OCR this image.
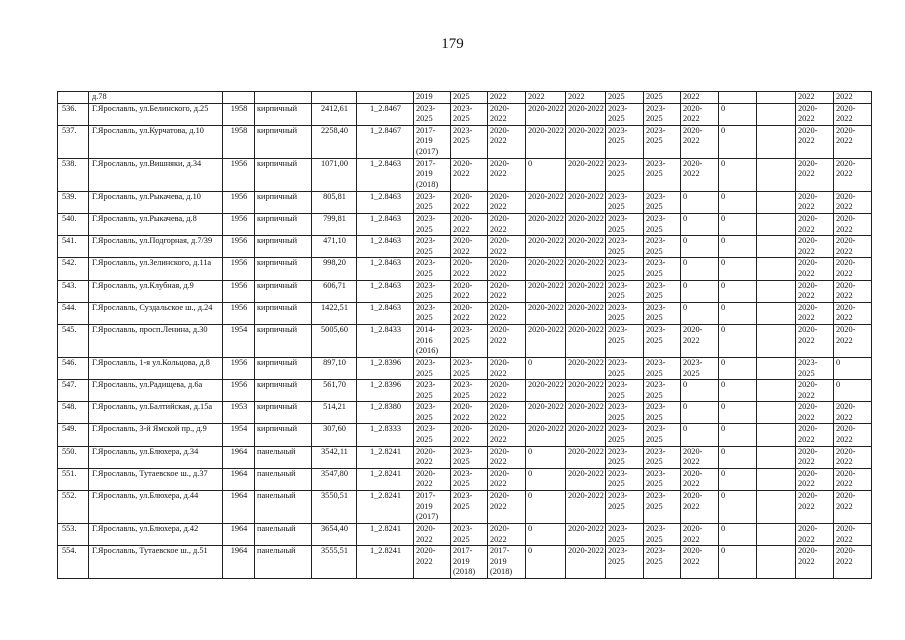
179
	д.78					2019	2025	2022	2022	2022	2025	2025	2022			2022	2022
536.	Г.Ярославль, ул.Белинского, д.25	1958	кирпичный	2412,61	1_2.8467	2023-2025	2023-2025	2020-2022	2020-2022	2020-2022	2023-2025	2023-2025	2020-2022	0		2020-2022	2020-2022
537.	Г.Ярославль, ул.Курчатова, д.10	1958	кирпичный	2258,40	1_2.8467	2017-2019 (2017)	2023-2025	2020-2022	2020-2022	2020-2022	2023-2025	2023-2025	2020-2022	0		2020-2022	2020-2022
538.	Г.Ярославль, ул.Вишняки, д.34	1956	кирпичный	1071,00	1_2.8463	2017-2019 (2018)	2020-2022	2020-2022	0	2020-2022	2023-2025	2023-2025	2020-2022	0		2020-2022	2020-2022
539.	Г.Ярославль, ул.Рыкачева, д.10	1956	кирпичный	805,81	1_2.8463	2023-2025	2020-2022	2020-2022	2020-2022	2020-2022	2023-2025	2023-2025	0	0		2020-2022	2020-2022
540.	Г.Ярославль, ул.Рыкачева, д.8	1956	кирпичный	799,81	1_2.8463	2023-2025	2020-2022	2020-2022	2020-2022	2020-2022	2023-2025	2023-2025	0	0		2020-2022	2020-2022
541.	Г.Ярославль, ул.Подгорная, д.7/39	1956	кирпичный	471,10	1_2.8463	2023-2025	2020-2022	2020-2022	2020-2022	2020-2022	2023-2025	2023-2025	0	0		2020-2022	2020-2022
542.	Г.Ярославль, ул.Зелинского, д.11а	1956	кирпичный	998,20	1_2.8463	2023-2025	2020-2022	2020-2022	2020-2022	2020-2022	2023-2025	2023-2025	0	0		2020-2022	2020-2022
543.	Г.Ярославль, ул.Клубная, д.9	1956	кирпичный	606,71	1_2.8463	2023-2025	2020-2022	2020-2022	2020-2022	2020-2022	2023-2025	2023-2025	0	0		2020-2022	2020-2022
544.	Г.Ярославль, Суздальское ш., д.24	1956	кирпичный	1422,51	1_2.8463	2023-2025	2020-2022	2020-2022	2020-2022	2020-2022	2023-2025	2023-2025	0	0		2020-2022	2020-2022
545.	Г.Ярославль, просп.Ленина, д.30	1954	кирпичный	5005,60	1_2.8433	2014-2016 (2016)	2023-2025	2020-2022	2020-2022	2020-2022	2023-2025	2023-2025	2020-2022	0		2020-2022	2020-2022
546.	Г.Ярославль, 1-я ул.Кольцова, д.8	1956	кирпичный	897,10	1_2.8396	2023-2025	2023-2025	2020-2022	0	2020-2022	2023-2025	2023-2025	2023-2025	0		2023-2025	0
547.	Г.Ярославль, ул.Радищева, д.6а	1956	кирпичный	561,70	1_2.8396	2023-2025	2023-2025	2020-2022	2020-2022	2020-2022	2023-2025	2023-2025	0	0		2020-2022	0
548.	Г.Ярославль, ул.Балтийская, д.15а	1953	кирпичный	514,21	1_2.8380	2023-2025	2020-2022	2020-2022	2020-2022	2020-2022	2023-2025	2023-2025	0	0		2020-2022	2020-2022
549.	Г.Ярославль, 3-й Ямской пр., д.9	1954	кирпичный	307,60	1_2.8333	2023-2025	2020-2022	2020-2022	2020-2022	2020-2022	2023-2025	2023-2025	0	0		2020-2022	2020-2022
550.	Г.Ярославль, ул.Блюхера, д.34	1964	панельный	3542,11	1_2.8241	2020-2022	2023-2025	2020-2022	0	2020-2022	2023-2025	2023-2025	2020-2022	0		2020-2022	2020-2022
551.	Г.Ярославль, Тутаевское ш., д.37	1964	панельный	3547,80	1_2.8241	2020-2022	2023-2025	2020-2022	0	2020-2022	2023-2025	2023-2025	2020-2022	0		2020-2022	2020-2022
552.	Г.Ярославль, ул.Блюхера, д.44	1964	панельный	3550,51	1_2.8241	2017-2019 (2017)	2023-2025	2020-2022	0	2020-2022	2023-2025	2023-2025	2020-2022	0		2020-2022	2020-2022
553.	Г.Ярославль, ул.Блюхера, д.42	1964	панельный	3654,40	1_2.8241	2020-2022	2023-2025	2020-2022	0	2020-2022	2023-2025	2023-2025	2020-2022	0		2020-2022	2020-2022
554.	Г.Ярославль, Тутаевское ш., д.51	1964	панельный	3555,51	1_2.8241	2020-2022	2017-2019 (2018)	2017-2019 (2018)	0	2020-2022	2023-2025	2023-2025	2020-2022	0		2020-2022	2020-2022
